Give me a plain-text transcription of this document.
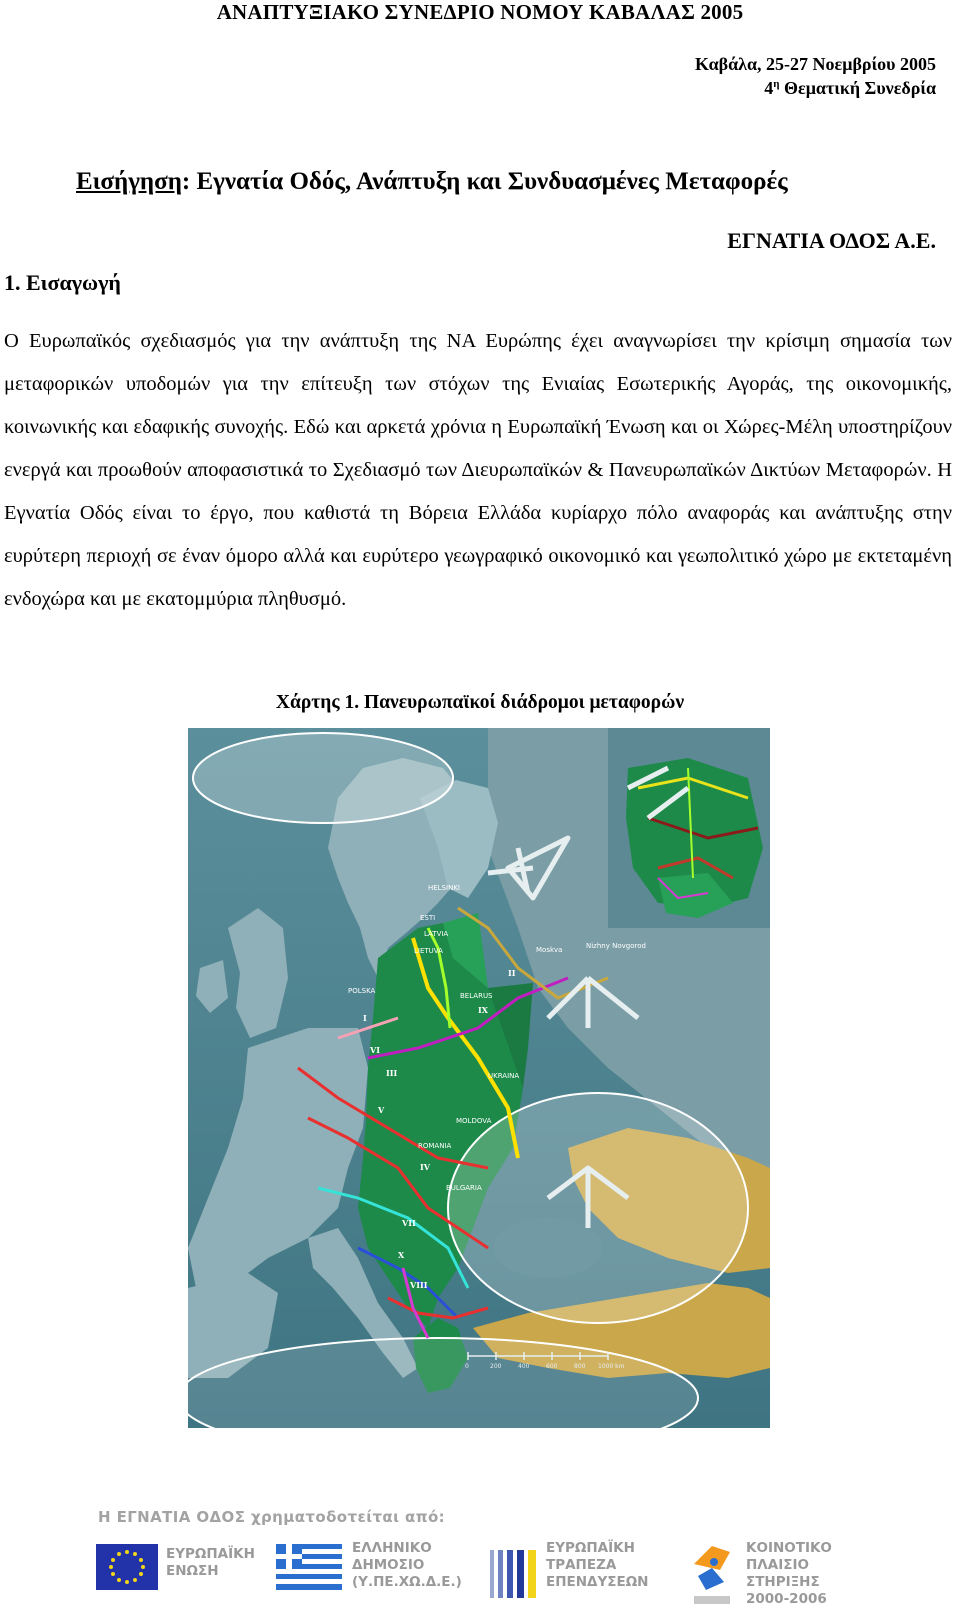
ΑΝΑΠΤΥΞΙΑΚΟ ΣΥΝΕΔΡΙΟ ΝΟΜΟΥ ΚΑΒΑΛΑΣ 2005
Καβάλα, 25-27 Νοεμβρίου 2005
$4^\eta$ Θεματική Συνεδρία
Εισήγηση: Εγνατία Οδός, Ανάπτυξη και Συνδυασμένες Μεταφορές
ΕΓΝΑΤΙΑ ΟΔΟΣ Α.Ε.
1. Εισαγωγή
Ο Ευρωπαϊκός σχεδιασμός για την ανάπτυξη της ΝΑ Ευρώπης έχει αναγνωρίσει την κρίσιμη σημασία των μεταφορικών υποδομών για την επίτευξη των στόχων της Ενιαίας Εσωτερικής Αγοράς, της οικονομικής, κοινωνικής και εδαφικής συνοχής. Εδώ και αρκετά χρόνια η Ευρωπαϊκή Ένωση και οι Χώρες-Μέλη υποστηρίζουν ενεργά και προωθούν αποφασιστικά το Σχεδιασμό των Διευρωπαϊκών & Πανευρωπαϊκών Δικτύων Μεταφορών. Η Εγνατία Οδός είναι το έργο, που καθιστά τη Βόρεια Ελλάδα κυρίαρχο πόλο αναφοράς και ανάπτυξης στην ευρύτερη περιοχή σε έναν όμορο αλλά και ευρύτερο γεωγραφικό οικονομικό και γεωπολιτικό χώρο με εκτεταμένη ενδοχώρα και με εκατομμύρια πληθυσμό.
Χάρτης 1. Πανευρωπαϊκοί διάδρομοι μεταφορών
0	200	400	600	800 1000 km
ESTI
LATVIA
LIETUVA
POLSKA
BELARUS
UKRAINA
ROMANIA
MOLDOVA
Moskva	Nizhny Novgorod
HELSINKI
BULGARIA
I
II
III
IV
V
VI
VII
VIII
IX
X
Η ΕΓΝΑΤΙΑ ΟΔΟΣ χρηματοδοτείται από:
ΕΥΡΩΠΑΪΚΗ
ΕΝΩΣΗ
ΕΛΛΗΝΙΚΟ
ΔΗΜΟΣΙΟ
(Υ.ΠΕ.ΧΩ.Δ.Ε.)
ΕΥΡΩΠΑΪΚΗ
ΤΡΑΠΕΖΑ
ΕΠΕΝΔΥΣΕΩΝ
ΚΟΙΝΟΤΙΚΟ
ΠΛΑΙΣΙΟ
ΣΤΗΡΙΞΗΣ
2000-2006
